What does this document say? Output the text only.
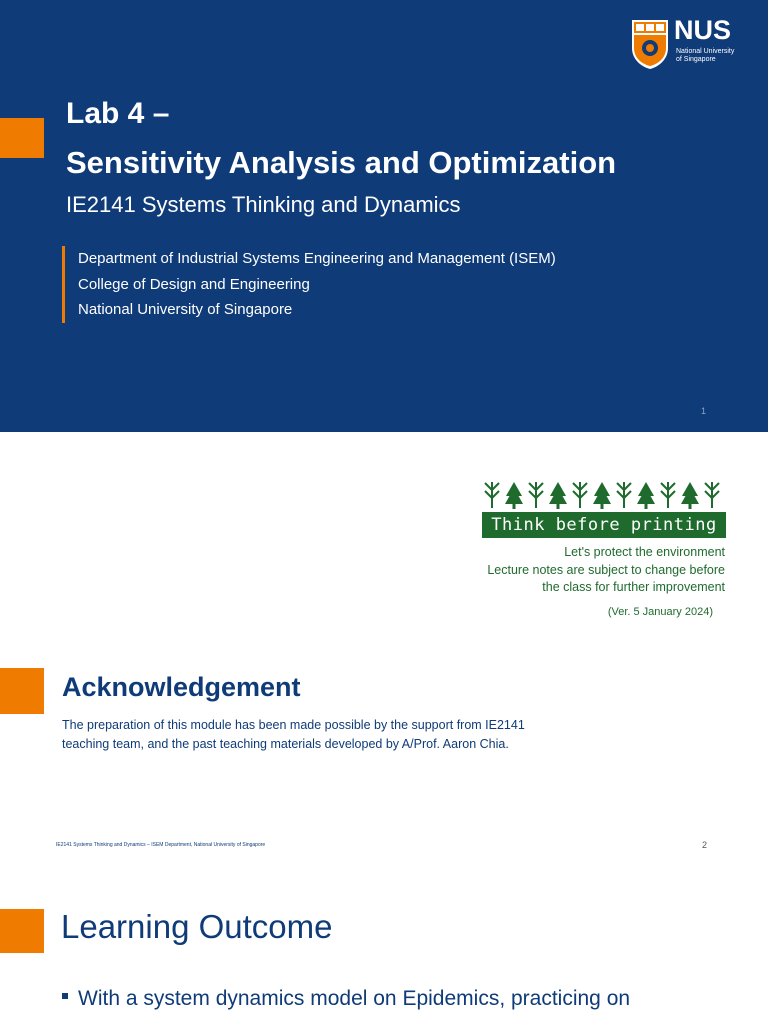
NUS
National University
of Singapore
Lab 4 –
Sensitivity Analysis and Optimization
IE2141 Systems Thinking and Dynamics
Department of Industrial Systems Engineering and Management (ISEM)
College of Design and Engineering
National University of Singapore
1
Think before printing
Let's protect the environment
Lecture notes are subject to change before
the class for further improvement
(Ver. 5 January 2024)
Acknowledgement
The preparation of this module has been made possible by the support from IE2141
teaching team, and the past teaching materials developed by A/Prof. Aaron Chia.
IE2141 Systems Thinking and Dynamics – ISEM Department, National University of Singapore	2
Learning Outcome
With a system dynamics model on Epidemics, practicing on
